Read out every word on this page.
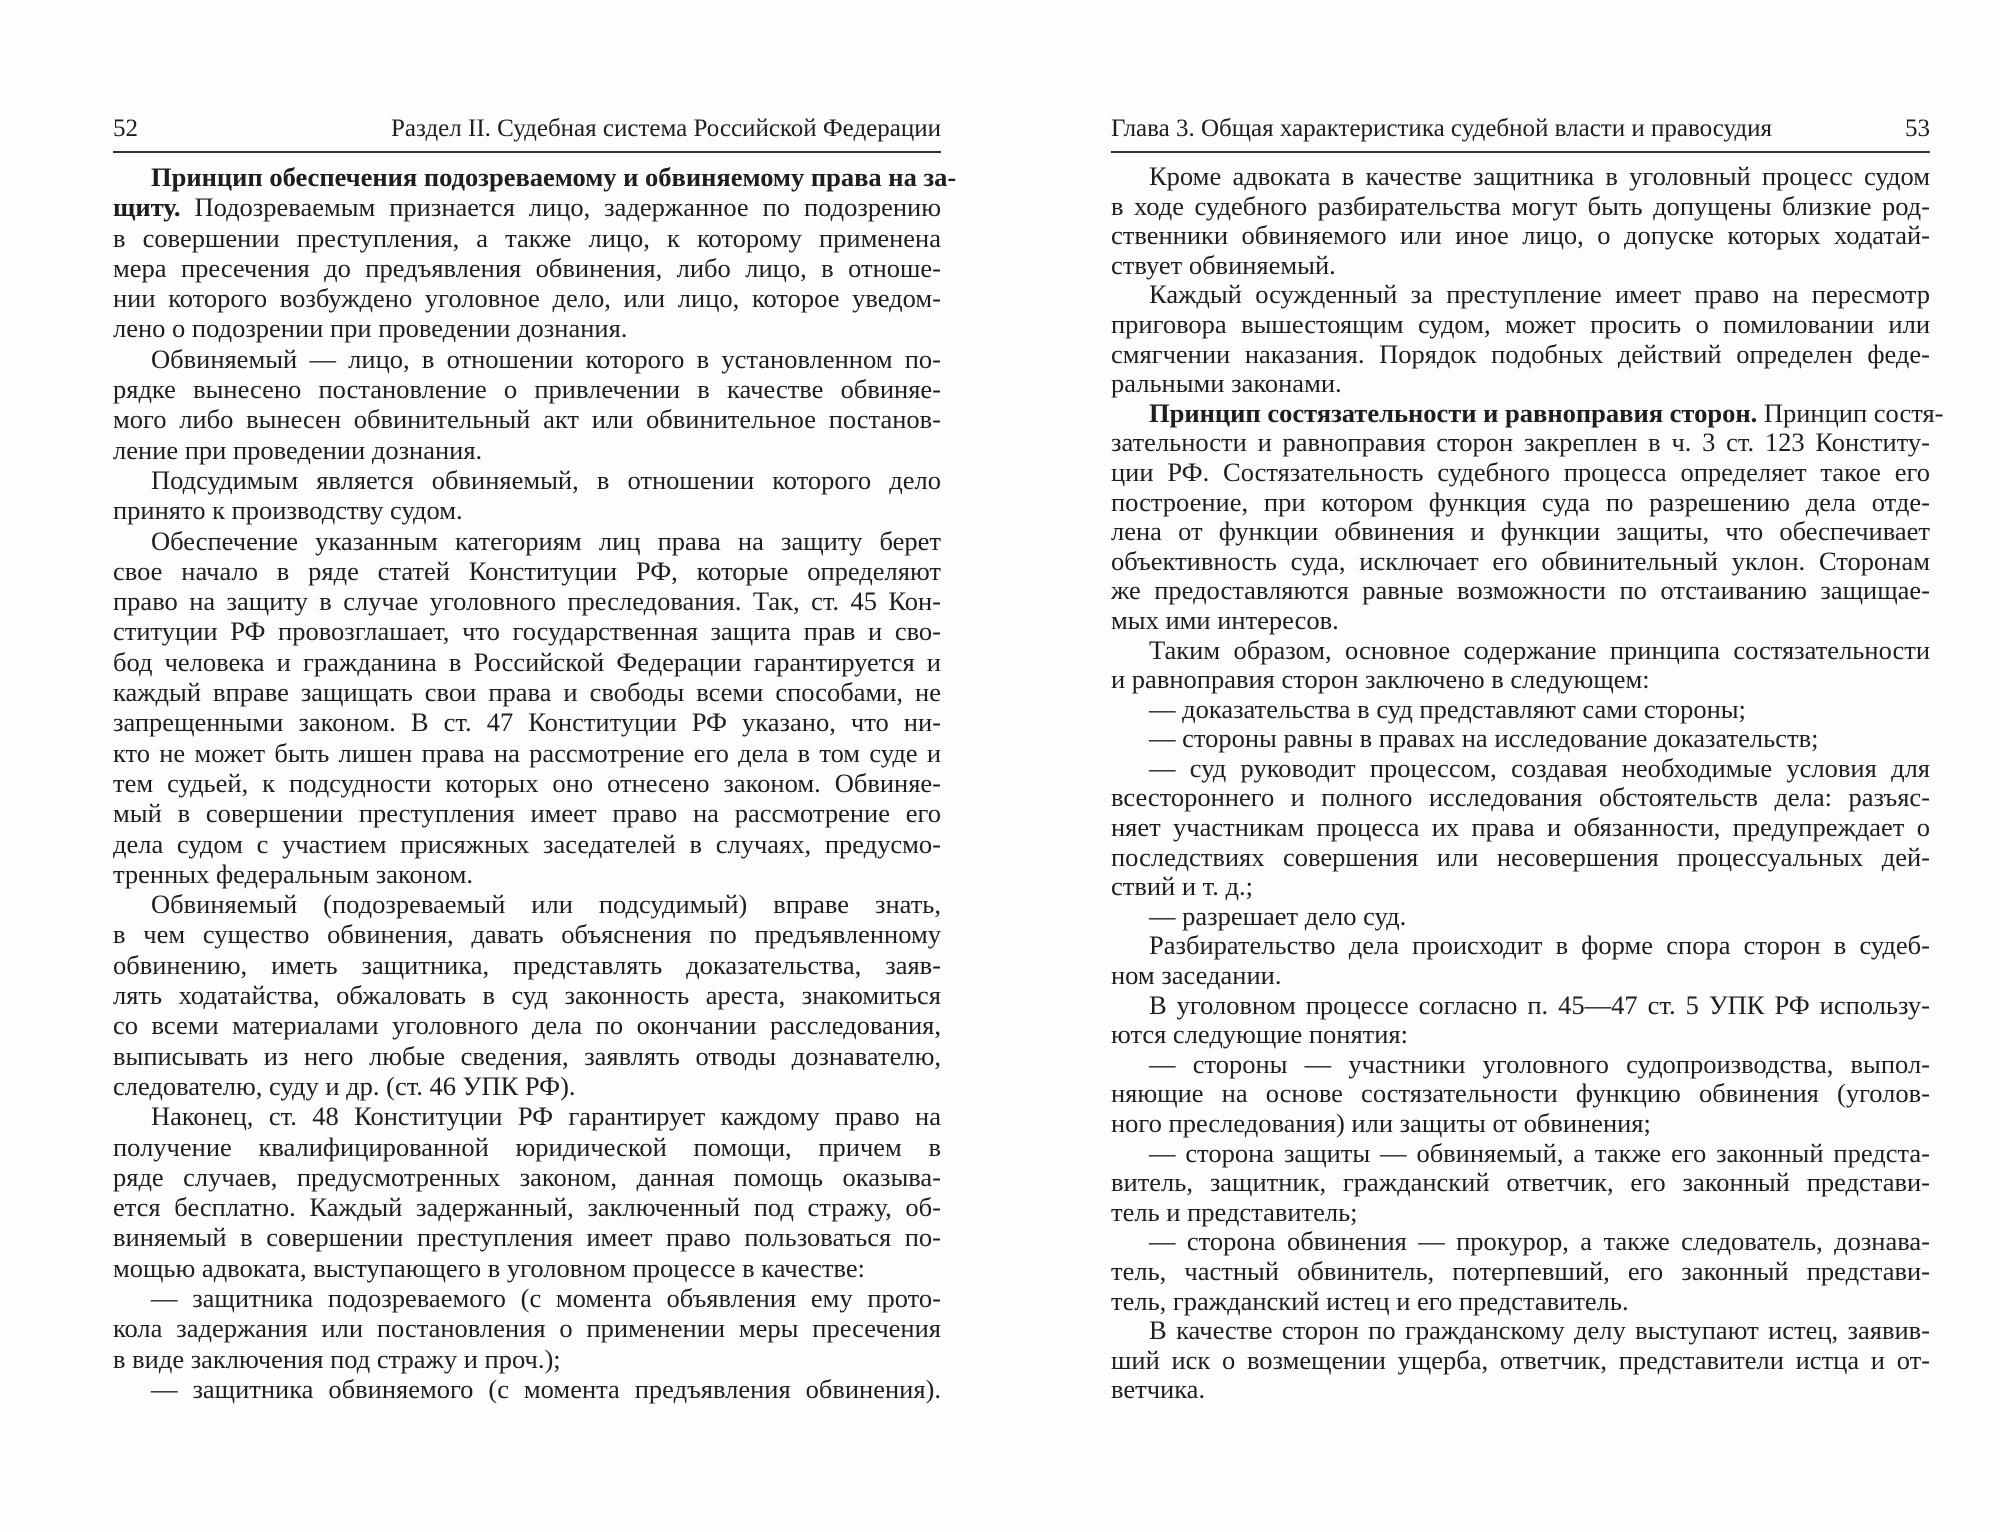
52	Раздел II. Судебная система Российской Федерации
Принцип обеспечения подозреваемому и обвиняемому права на за-
щиту. Подозреваемым признается лицо, задержанное по подозрению
в совершении преступления, а также лицо, к которому применена
мера пресечения до предъявления обвинения, либо лицо, в отноше-
нии которого возбуждено уголовное дело, или лицо, которое уведом-
лено о подозрении при проведении дознания.
Обвиняемый — лицо, в отношении которого в установленном по-
рядке вынесено постановление о привлечении в качестве обвиняе-
мого либо вынесен обвинительный акт или обвинительное постанов-
ление при проведении дознания.
Подсудимым является обвиняемый, в отношении которого дело
принято к производству судом.
Обеспечение указанным категориям лиц права на защиту берет
свое начало в ряде статей Конституции РФ, которые определяют
право на защиту в случае уголовного преследования. Так, ст. 45 Кон-
ституции РФ провозглашает, что государственная защита прав и сво-
бод человека и гражданина в Российской Федерации гарантируется и
каждый вправе защищать свои права и свободы всеми способами, не
запрещенными законом. В ст. 47 Конституции РФ указано, что ни-
кто не может быть лишен права на рассмотрение его дела в том суде и
тем судьей, к подсудности которых оно отнесено законом. Обвиняе-
мый в совершении преступления имеет право на рассмотрение его
дела судом с участием присяжных заседателей в случаях, предусмо-
тренных федеральным законом.
Обвиняемый (подозреваемый или подсудимый) вправе знать,
в чем существо обвинения, давать объяснения по предъявленному
обвинению, иметь защитника, представлять доказательства, заяв-
лять ходатайства, обжаловать в суд законность ареста, знакомиться
со всеми материалами уголовного дела по окончании расследования,
выписывать из него любые сведения, заявлять отводы дознавателю,
следователю, суду и др. (ст. 46 УПК РФ).
Наконец, ст. 48 Конституции РФ гарантирует каждому право на
получение квалифицированной юридической помощи, причем в
ряде случаев, предусмотренных законом, данная помощь оказыва-
ется бесплатно. Каждый задержанный, заключенный под стражу, об-
виняемый в совершении преступления имеет право пользоваться по-
мощью адвоката, выступающего в уголовном процессе в качестве:
— защитника подозреваемого (с момента объявления ему прото-
кола задержания или постановления о применении меры пресечения
в виде заключения под стражу и проч.);
— защитника обвиняемого (с момента предъявления обвинения).
Глава 3. Общая характеристика судебной власти и правосудия	53
Кроме адвоката в качестве защитника в уголовный процесс судом
в ходе судебного разбирательства могут быть допущены близкие род-
ственники обвиняемого или иное лицо, о допуске которых ходатай-
ствует обвиняемый.
Каждый осужденный за преступление имеет право на пересмотр
приговора вышестоящим судом, может просить о помиловании или
смягчении наказания. Порядок подобных действий определен феде-
ральными законами.
Принцип состязательности и равноправия сторон. Принцип состя-
зательности и равноправия сторон закреплен в ч. 3 ст. 123 Конститу-
ции РФ. Состязательность судебного процесса определяет такое его
построение, при котором функция суда по разрешению дела отде-
лена от функции обвинения и функции защиты, что обеспечивает
объективность суда, исключает его обвинительный уклон. Сторонам
же предоставляются равные возможности по отстаиванию защищае-
мых ими интересов.
Таким образом, основное содержание принципа состязательности
и равноправия сторон заключено в следующем:
— доказательства в суд представляют сами стороны;
— стороны равны в правах на исследование доказательств;
— суд руководит процессом, создавая необходимые условия для
всестороннего и полного исследования обстоятельств дела: разъяс-
няет участникам процесса их права и обязанности, предупреждает о
последствиях совершения или несовершения процессуальных дей-
ствий и т. д.;
— разрешает дело суд.
Разбирательство дела происходит в форме спора сторон в судеб-
ном заседании.
В уголовном процессе согласно п. 45—47 ст. 5 УПК РФ использу-
ются следующие понятия:
— стороны — участники уголовного судопроизводства, выпол-
няющие на основе состязательности функцию обвинения (уголов-
ного преследования) или защиты от обвинения;
— сторона защиты — обвиняемый, а также его законный предста-
витель, защитник, гражданский ответчик, его законный представи-
тель и представитель;
— сторона обвинения — прокурор, а также следователь, дознава-
тель, частный обвинитель, потерпевший, его законный представи-
тель, гражданский истец и его представитель.
В качестве сторон по гражданскому делу выступают истец, заявив-
ший иск о возмещении ущерба, ответчик, представители истца и от-
ветчика.
